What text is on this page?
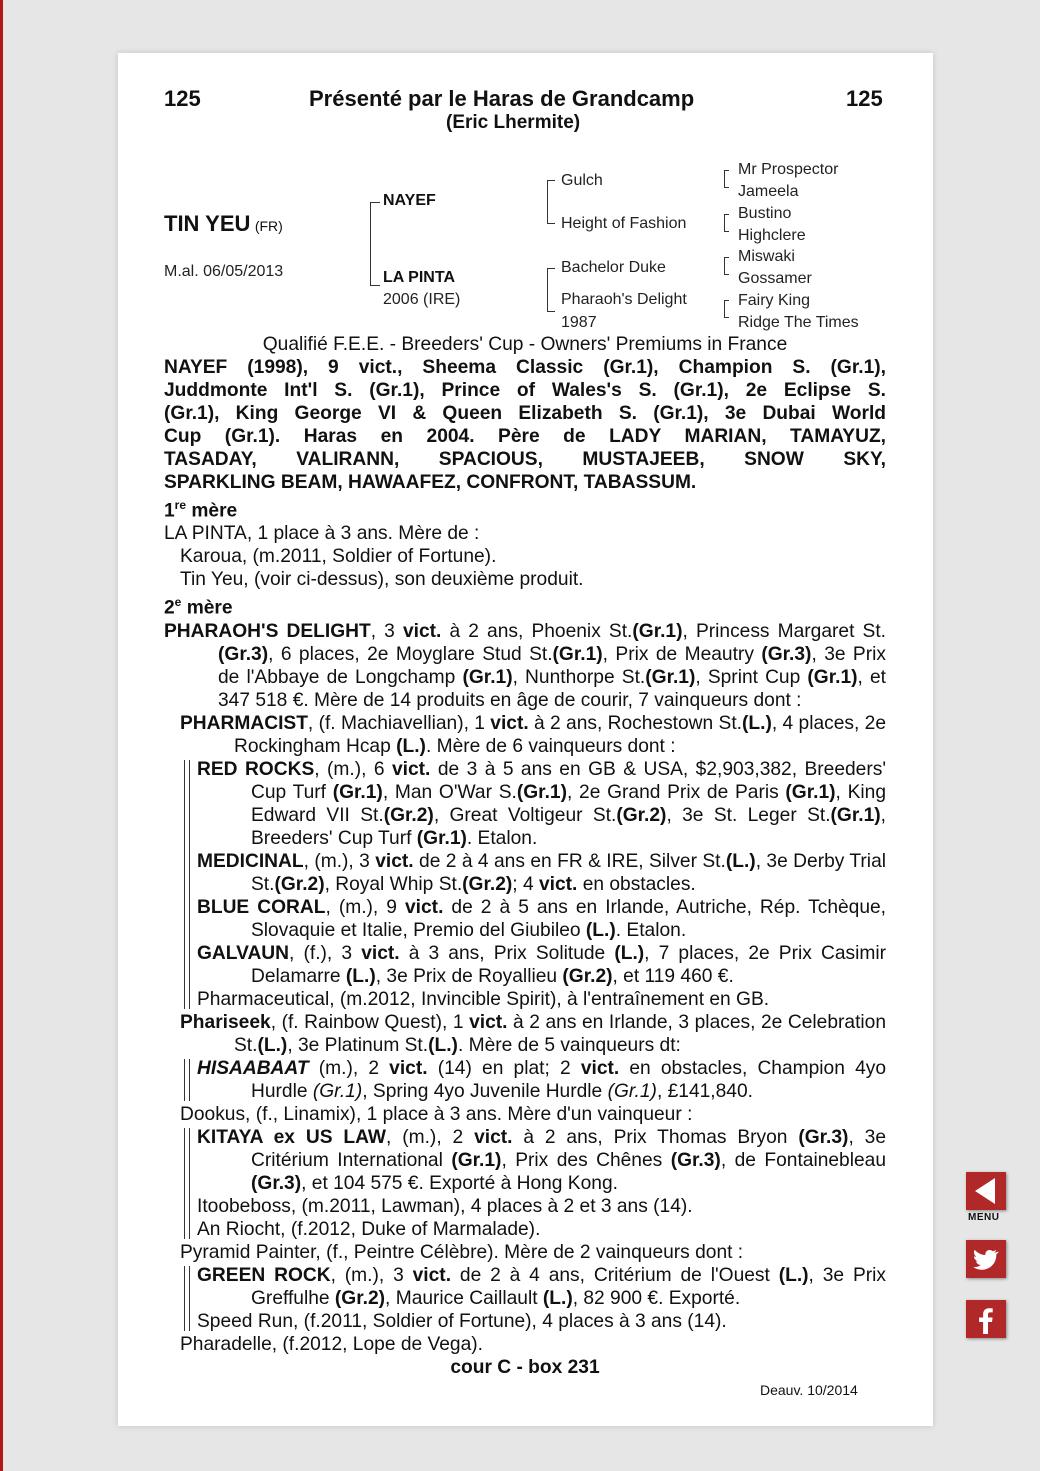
125	Présenté par le Haras de Grandcamp	125
(Eric Lhermite)
TIN YEU (FR)
M.al. 06/05/2013
NAYEF
LA PINTA
2006 (IRE)
Gulch
Height of Fashion
Bachelor Duke
Pharaoh's Delight
1987
Mr Prospector
Jameela
Bustino
Highclere
Miswaki
Gossamer
Fairy King
Ridge The Times
Qualifié F.E.E. - Breeders' Cup - Owners' Premiums in France
NAYEF (1998), 9 vict., Sheema Classic (Gr.1), Champion S. (Gr.1),
Juddmonte Int'l S. (Gr.1), Prince of Wales's S. (Gr.1), 2e Eclipse S.
(Gr.1), King George VI & Queen Elizabeth S. (Gr.1), 3e Dubai World
Cup (Gr.1). Haras en 2004. Père de LADY MARIAN, TAMAYUZ,
TASADAY, VALIRANN, SPACIOUS, MUSTAJEEB, SNOW SKY,
SPARKLING BEAM, HAWAAFEZ, CONFRONT, TABASSUM.
1re mère
LA PINTA, 1 place à 3 ans. Mère de :
Karoua, (m.2011, Soldier of Fortune).
Tin Yeu, (voir ci-dessus), son deuxième produit.
2e mère
PHARAOH'S DELIGHT, 3 vict. à 2 ans, Phoenix St.(Gr.1), Princess Margaret St.(Gr.3), 6 places, 2e Moyglare Stud St.(Gr.1), Prix de Meautry (Gr.3), 3e Prix de l'Abbaye de Longchamp (Gr.1), Nunthorpe St.(Gr.1), Sprint Cup (Gr.1), et 347 518 €. Mère de 14 produits en âge de courir, 7 vainqueurs dont :
PHARMACIST, (f. Machiavellian), 1 vict. à 2 ans, Rochestown St.(L.), 4 places, 2e Rockingham Hcap (L.). Mère de 6 vainqueurs dont :
RED ROCKS, (m.), 6 vict. de 3 à 5 ans en GB & USA, $2,903,382, Breeders' Cup Turf (Gr.1), Man O'War S.(Gr.1), 2e Grand Prix de Paris (Gr.1), King Edward VII St.(Gr.2), Great Voltigeur St.(Gr.2), 3e St. Leger St.(Gr.1), Breeders' Cup Turf (Gr.1). Etalon.
MEDICINAL, (m.), 3 vict. de 2 à 4 ans en FR & IRE, Silver St.(L.), 3e Derby Trial St.(Gr.2), Royal Whip St.(Gr.2); 4 vict. en obstacles.
BLUE CORAL, (m.), 9 vict. de 2 à 5 ans en Irlande, Autriche, Rép. Tchèque, Slovaquie et Italie, Premio del Giubileo (L.). Etalon.
GALVAUN, (f.), 3 vict. à 3 ans, Prix Solitude (L.), 7 places, 2e Prix Casimir Delamarre (L.), 3e Prix de Royallieu (Gr.2), et 119 460 €.
Pharmaceutical, (m.2012, Invincible Spirit), à l'entraînement en GB.
Phariseek, (f. Rainbow Quest), 1 vict. à 2 ans en Irlande, 3 places, 2e Celebration St.(L.), 3e Platinum St.(L.). Mère de 5 vainqueurs dt:
HISAABAAT (m.), 2 vict. (14) en plat; 2 vict. en obstacles, Champion 4yo Hurdle (Gr.1), Spring 4yo Juvenile Hurdle (Gr.1), £141,840.
Dookus, (f., Linamix), 1 place à 3 ans. Mère d'un vainqueur :
KITAYA ex US LAW, (m.), 2 vict. à 2 ans, Prix Thomas Bryon (Gr.3), 3e Critérium International (Gr.1), Prix des Chênes (Gr.3), de Fontainebleau (Gr.3), et 104 575 €. Exporté à Hong Kong.
Itoobeboss, (m.2011, Lawman), 4 places à 2 et 3 ans (14).
An Riocht, (f.2012, Duke of Marmalade).
Pyramid Painter, (f., Peintre Célèbre). Mère de 2 vainqueurs dont :
GREEN ROCK, (m.), 3 vict. de 2 à 4 ans, Critérium de l'Ouest (L.), 3e Prix Greffulhe (Gr.2), Maurice Caillault (L.), 82 900 €. Exporté.
Speed Run, (f.2011, Soldier of Fortune), 4 places à 3 ans (14).
Pharadelle, (f.2012, Lope de Vega).
cour C - box 231
Deauv. 10/2014
MENU
